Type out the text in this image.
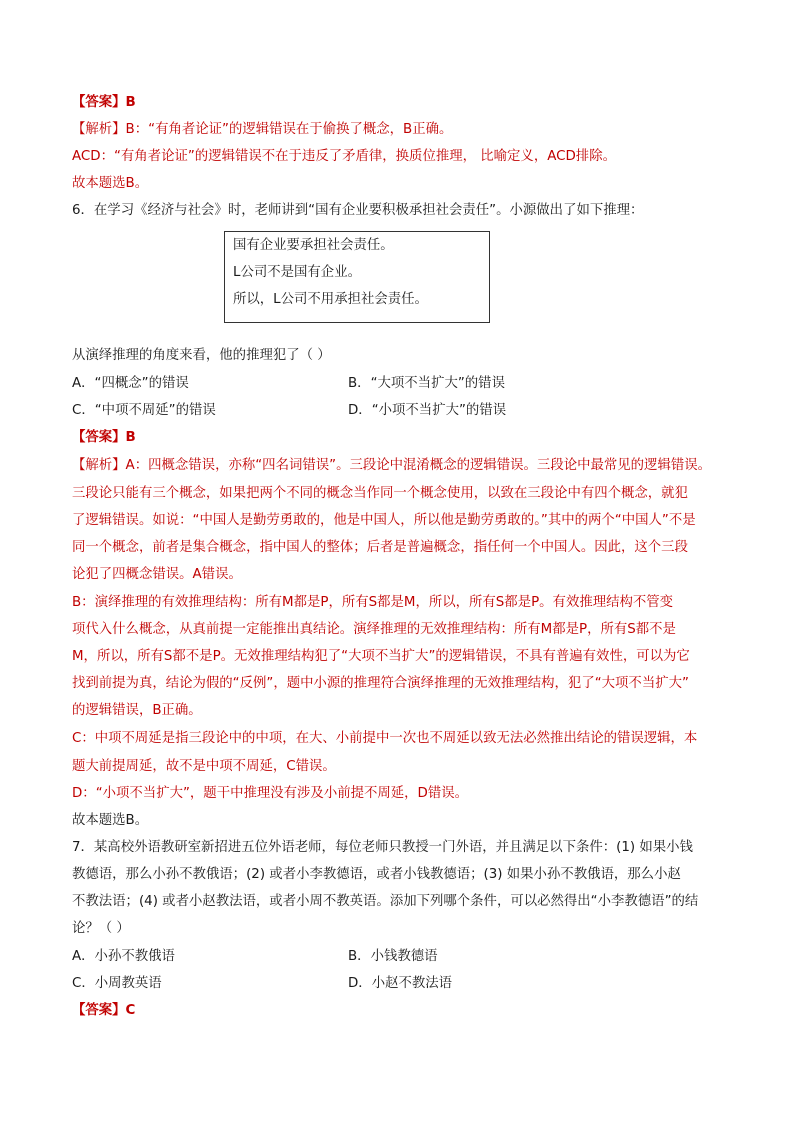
【答案】B
【解析】B：“有角者论证”的逻辑错误在于偷换了概念，B正确。
ACD：“有角者论证”的逻辑错误不在于违反了矛盾律，换质位推理， 比喻定义，ACD排除。
故本题选B。
6．在学习《经济与社会》时，老师讲到“国有企业要积极承担社会责任”。小源做出了如下推理：
国有企业要承担社会责任。
L公司不是国有企业。
所以，L公司不用承担社会责任。
从演绎推理的角度来看，他的推理犯了（ ）
A．“四概念”的错误	B．“大项不当扩大”的错误
C．“中项不周延”的错误	D．“小项不当扩大”的错误
【答案】B
【解析】A：四概念错误，亦称“四名词错误”。三段论中混淆概念的逻辑错误。三段论中最常见的逻辑错误。
三段论只能有三个概念，如果把两个不同的概念当作同一个概念使用，以致在三段论中有四个概念，就犯
了逻辑错误。如说：“中国人是勤劳勇敢的，他是中国人，所以他是勤劳勇敢的。”其中的两个“中国人”不是
同一个概念，前者是集合概念，指中国人的整体；后者是普遍概念，指任何一个中国人。因此，这个三段
论犯了四概念错误。A错误。
B：演绎推理的有效推理结构：所有M都是P，所有S都是M，所以，所有S都是P。有效推理结构不管变
项代入什么概念，从真前提一定能推出真结论。演绎推理的无效推理结构：所有M都是P，所有S都不是
M，所以，所有S都不是P。无效推理结构犯了“大项不当扩大”的逻辑错误，不具有普遍有效性，可以为它
找到前提为真，结论为假的“反例”，题中小源的推理符合演绎推理的无效推理结构，犯了“大项不当扩大”
的逻辑错误，B正确。
C：中项不周延是指三段论中的中项，在大、小前提中一次也不周延以致无法必然推出结论的错误逻辑，本
题大前提周延，故不是中项不周延，C错误。
D：“小项不当扩大”，题干中推理没有涉及小前提不周延，D错误。
故本题选B。
7．某高校外语教研室新招进五位外语老师，每位老师只教授一门外语，并且满足以下条件：(1) 如果小钱
教德语，那么小孙不教俄语；(2) 或者小李教德语，或者小钱教德语；(3) 如果小孙不教俄语，那么小赵
不教法语；(4) 或者小赵教法语，或者小周不教英语。添加下列哪个条件，可以必然得出“小李教德语”的结
论？（ ）
A．小孙不教俄语	B．小钱教德语
C．小周教英语	D．小赵不教法语
【答案】C
